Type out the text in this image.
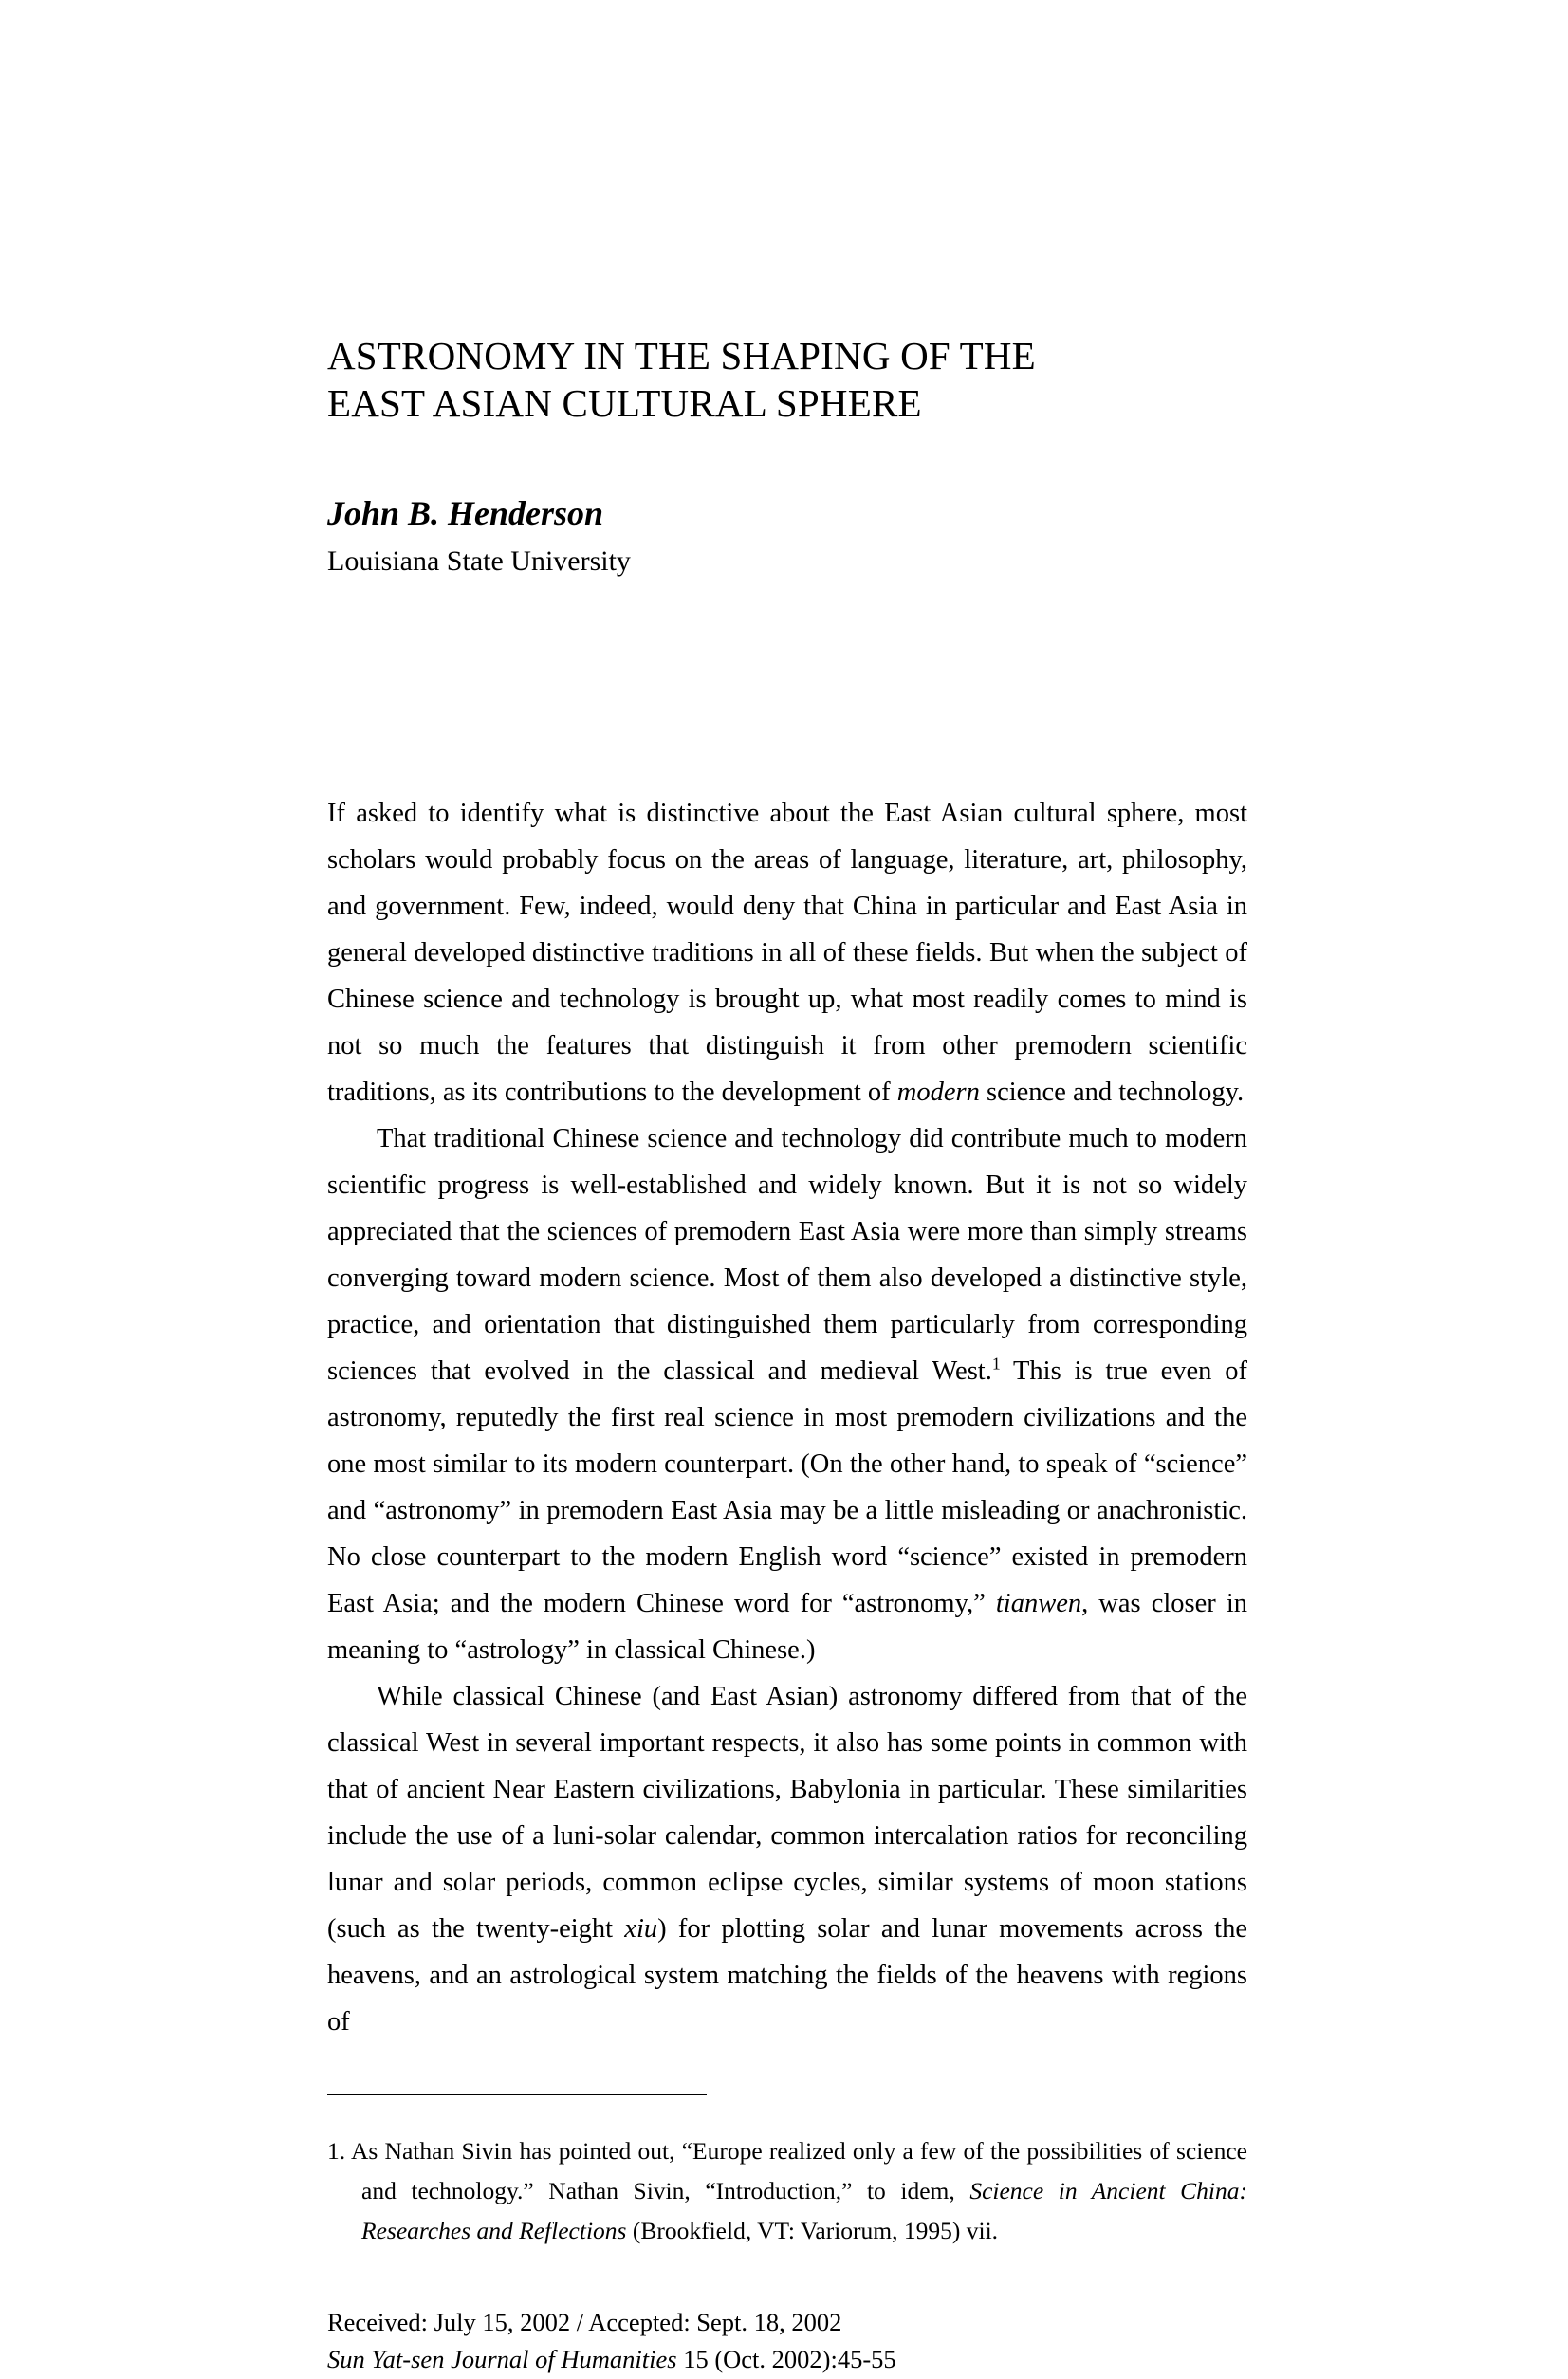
ASTRONOMY IN THE SHAPING OF THE
EAST ASIAN CULTURAL SPHERE
John B. Henderson
Louisiana State University

If asked to identify what is distinctive about the East Asian cultural sphere, most scholars would probably focus on the areas of language, literature, art, philosophy, and government. Few, indeed, would deny that China in particular and East Asia in general developed distinctive traditions in all of these fields. But when the subject of Chinese science and technology is brought up, what most readily comes to mind is not so much the features that distinguish it from other premodern scientific traditions, as its contributions to the development of modern science and technology.

That traditional Chinese science and technology did contribute much to modern scientific progress is well-established and widely known. But it is not so widely appreciated that the sciences of premodern East Asia were more than simply streams converging toward modern science. Most of them also developed a distinctive style, practice, and orientation that distinguished them particularly from corresponding sciences that evolved in the classical and medieval West.$^1$ This is true even of astronomy, reputedly the first real science in most premodern civilizations and the one most similar to its modern counterpart. (On the other hand, to speak of “science” and “astronomy” in premodern East Asia may be a little misleading or anachronistic. No close counterpart to the modern English word “science” existed in premodern East Asia; and the modern Chinese word for “astronomy,” tianwen, was closer in meaning to “astrology” in classical Chinese.)

While classical Chinese (and East Asian) astronomy differed from that of the classical West in several important respects, it also has some points in common with that of ancient Near Eastern civilizations, Babylonia in particular. These similarities include the use of a luni-solar calendar, common intercalation ratios for reconciling lunar and solar periods, common eclipse cycles, similar systems of moon stations (such as the twenty-eight xiu) for plotting solar and lunar movements across the heavens, and an astrological system matching the fields of the heavens with regions of

1. As Nathan Sivin has pointed out, “Europe realized only a few of the possibilities of science and technology.” Nathan Sivin, “Introduction,” to idem, Science in Ancient China: Researches and Reflections (Brookfield, VT: Variorum, 1995) vii.
Received: July 15, 2002 / Accepted: Sept. 18, 2002
Sun Yat-sen Journal of Humanities 15 (Oct. 2002):45-55
